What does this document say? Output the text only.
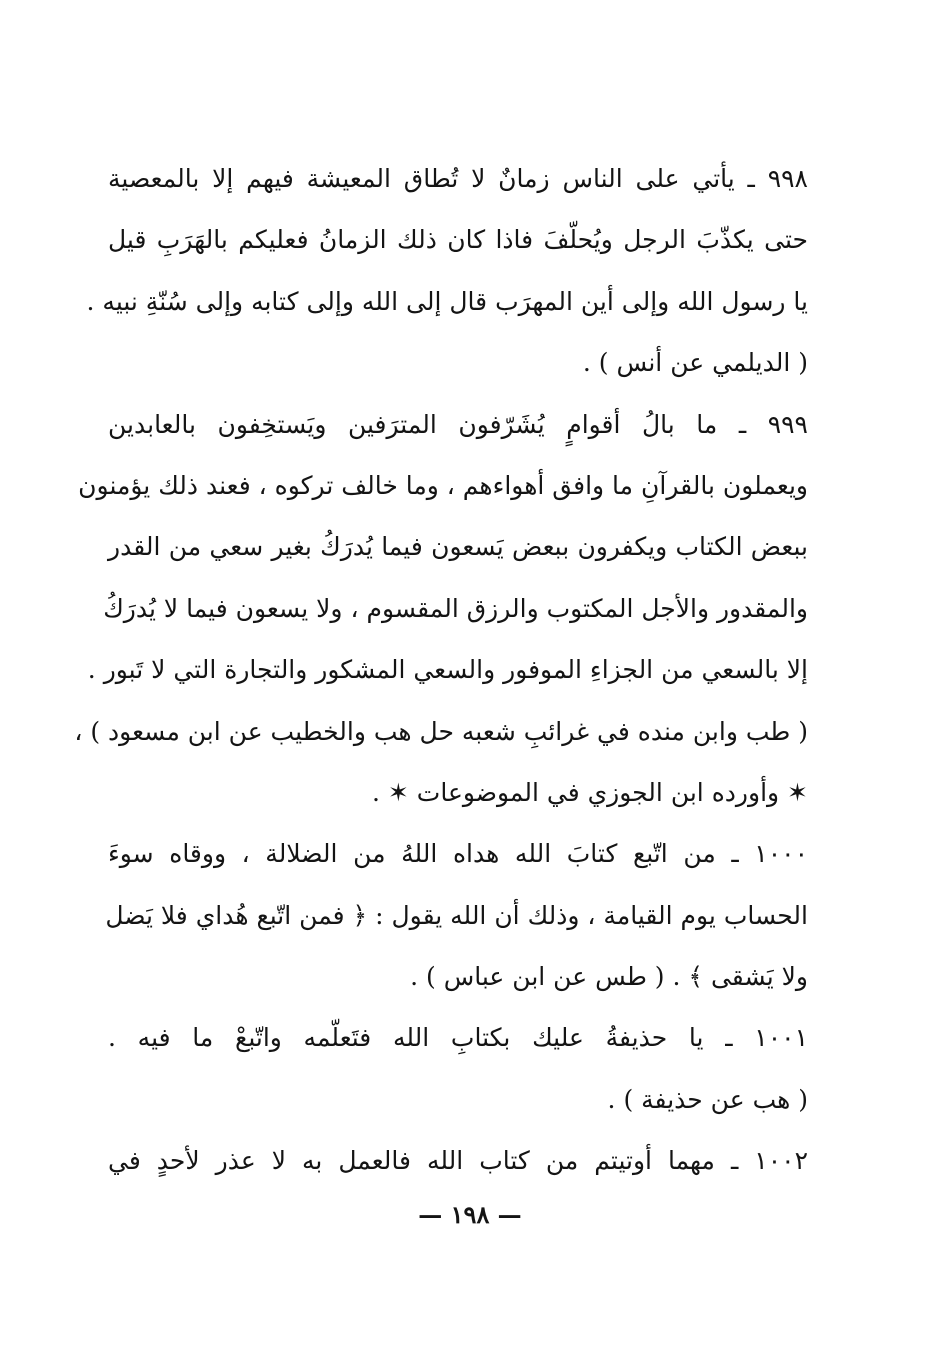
٩٩٨ ـ يأتي على الناس زمانٌ لا تُطاق المعيشة فيهم إلا بالمعصية
حتى يكذّبَ الرجل ويُحلّفَ فاذا كان ذلك الزمانُ فعليكم بالهَرَبِ قيل
يا رسول الله وإلى أين المهرَب قال إلى الله وإلى كتابه وإلى سُنّةِ نبيه .
( الديلمي عن أنس ) .
٩٩٩ ـ ما بالُ أقوامٍ يُشَرّفون المترَفين ويَستخِفون بالعابدين
ويعملون بالقرآنِ ما وافق أهواءهم ، وما خالف تركوه ، فعند ذلك يؤمنون
ببعض الكتاب ويكفرون ببعض يَسعون فيما يُدرَكُ بغير سعي من القدر
والمقدور والأجل المكتوب والرزق المقسوم ، ولا يسعون فيما لا يُدرَكُ
إلا بالسعي من الجزاءِ الموفور والسعي المشكور والتجارة التي لا تَبور .
( طب وابن منده في غرائبِ شعبه حل هب والخطيب عن ابن مسعود ) ،
✶ وأورده ابن الجوزي في الموضوعات ✶ .
١٠٠٠ ـ من اتّبع كتابَ الله هداه اللهُ من الضلالة ، ووقاه سوءَ
الحساب يوم القيامة ، وذلك أن الله يقول : ﴿ فمن اتّبع هُداي فلا يَضل
ولا يَشقى ﴾ . ( طس عن ابن عباس ) .
١٠٠١ ـ يا حذيفةُ عليك بكتابِ الله فتَعلّمه واتّبعْ ما فيه .
( هب عن حذيفة ) .
١٠٠٢ ـ مهما أوتيتم من كتاب الله فالعمل به لا عذر لأحدٍ في
— ١٩٨ —
